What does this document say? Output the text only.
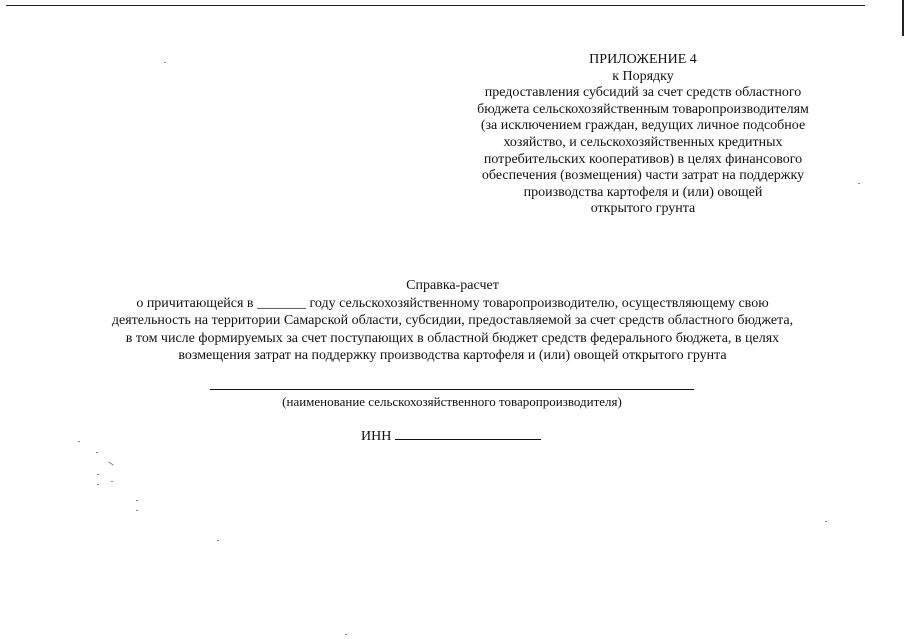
ПРИЛОЖЕНИЕ 4
к Порядку
предоставления субсидий за счет средств областного
бюджета сельскохозяйственным товаропроизводителям
(за исключением граждан, ведущих личное подсобное
хозяйство, и сельскохозяйственных кредитных
потребительских кооперативов) в целях финансового
обеспечения (возмещения) части затрат на поддержку
производства картофеля и (или) овощей
открытого грунта
Справка-расчет
о причитающейся в _______ году сельскохозяйственному товаропроизводителю, осуществляющему свою
деятельность на территории Самарской области, субсидии, предоставляемой за счет средств областного бюджета,
в том числе формируемых за счет поступающих в областной бюджет средств федерального бюджета, в целях
возмещения затрат на поддержку производства картофеля и (или) овощей открытого грунта
(наименование сельскохозяйственного товаропроизводителя)
ИНН
